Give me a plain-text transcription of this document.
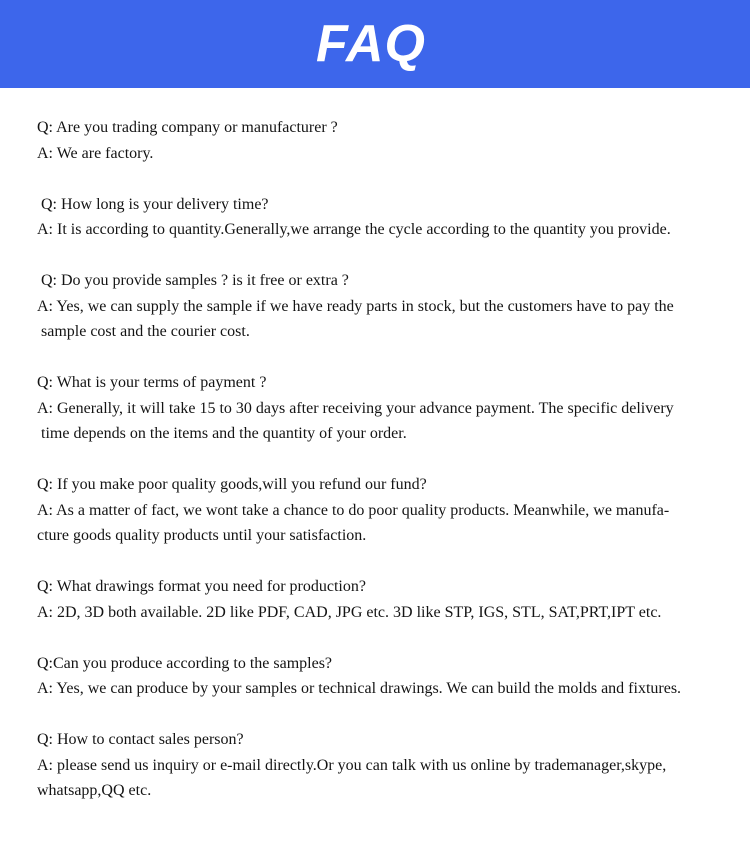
FAQ

Q: Are you trading company or manufacturer ?

A: We are factory.

Q: How long is your delivery time?

A: It is according to quantity.Generally,we arrange the cycle according to the quantity you provide.

Q: Do you provide samples ? is it free or extra ?

A: Yes, we can supply the sample if we have ready parts in stock, but the customers have to pay the

sample cost and the courier cost.

Q: What is your terms of payment ?

A: Generally, it will take 15 to 30 days after receiving your advance payment. The specific delivery

time depends on the items and the quantity of your order.

Q: If you make poor quality goods,will you refund our fund?

A: As a matter of fact, we wont take a chance to do poor quality products. Meanwhile, we manufa-

cture goods quality products until your satisfaction.

Q: What drawings format you need for production?

A: 2D, 3D both available. 2D like PDF, CAD, JPG etc. 3D like STP, IGS, STL, SAT,PRT,IPT etc.

Q:Can you produce according to the samples?

A: Yes, we can produce by your samples or technical drawings. We can build the molds and fixtures.

Q: How to contact sales person?

A: please send us inquiry or e-mail directly.Or you can talk with us online by trademanager,skype,

whatsapp,QQ etc.
